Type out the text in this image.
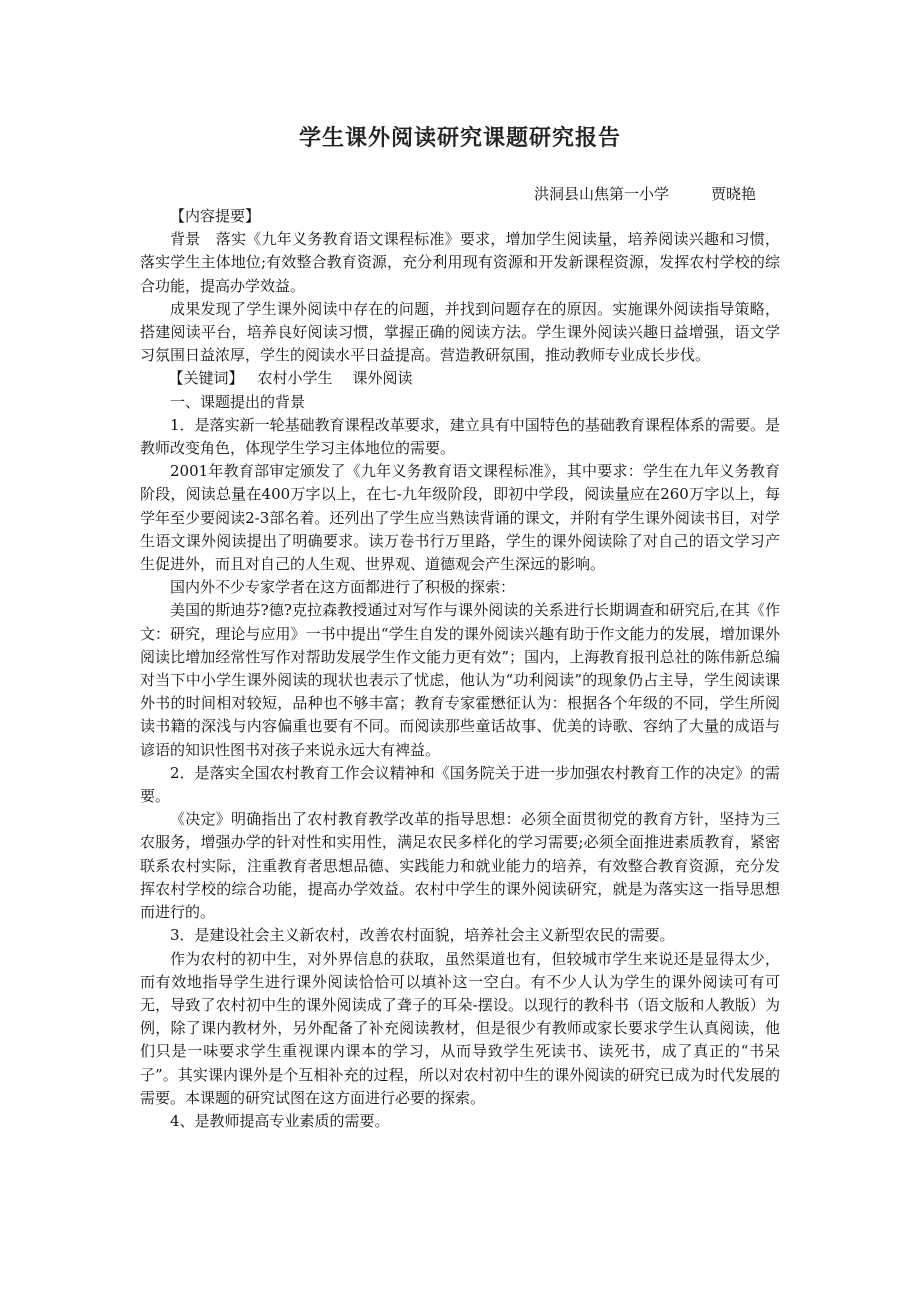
学生课外阅读研究课题研究报告
洪洞县山焦第一小学	贾晓艳

【内容提要】

背景　落实《九年义务教育语文课程标准》要求，增加学生阅读量，培养阅读兴趣和习惯，落实学生主体地位;有效整合教育资源，充分利用现有资源和开发新课程资源，发挥农村学校的综合功能，提高办学效益。

成果发现了学生课外阅读中存在的问题，并找到问题存在的原因。实施课外阅读指导策略，搭建阅读平台，培养良好阅读习惯，掌握正确的阅读方法。学生课外阅读兴趣日益增强，语文学习氛围日益浓厚，学生的阅读水平日益提高。营造教研氛围，推动教师专业成长步伐。

【关键词】 农村小学生 课外阅读

一、课题提出的背景

1．是落实新一轮基础教育课程改革要求，建立具有中国特色的基础教育课程体系的需要。是教师改变角色，体现学生学习主体地位的需要。

2001年教育部审定颁发了《九年义务教育语文课程标准》，其中要求：学生在九年义务教育阶段，阅读总量在400万字以上，在七-九年级阶段，即初中学段，阅读量应在260万字以上，每学年至少要阅读2-3部名着。还列出了学生应当熟读背诵的课文，并附有学生课外阅读书目，对学生语文课外阅读提出了明确要求。读万卷书行万里路，学生的课外阅读除了对自己的语文学习产生促进外，而且对自己的人生观、世界观、道德观会产生深远的影响。

国内外不少专家学者在这方面都进行了积极的探索：

美国的斯迪芬?德?克拉森教授通过对写作与课外阅读的关系进行长期调查和研究后,在其《作文：研究，理论与应用》一书中提出“学生自发的课外阅读兴趣有助于作文能力的发展，增加课外阅读比增加经常性写作对帮助发展学生作文能力更有效”；国内，上海教育报刊总社的陈伟新总编对当下中小学生课外阅读的现状也表示了忧虑，他认为“功利阅读”的现象仍占主导，学生阅读课外书的时间相对较短，品种也不够丰富；教育专家霍懋征认为：根据各个年级的不同，学生所阅读书籍的深浅与内容偏重也要有不同。而阅读那些童话故事、优美的诗歌、容纳了大量的成语与谚语的知识性图书对孩子来说永远大有裨益。

2．是落实全国农村教育工作会议精神和《国务院关于进一步加强农村教育工作的决定》的需要。

《决定》明确指出了农村教育教学改革的指导思想：必须全面贯彻党的教育方针，坚持为三农服务，增强办学的针对性和实用性，满足农民多样化的学习需要;必须全面推进素质教育，紧密联系农村实际，注重教育者思想品德、实践能力和就业能力的培养，有效整合教育资源，充分发挥农村学校的综合功能，提高办学效益。农村中学生的课外阅读研究，就是为落实这一指导思想而进行的。

3．是建设社会主义新农村，改善农村面貌，培养社会主义新型农民的需要。

作为农村的初中生，对外界信息的获取，虽然渠道也有，但较城市学生来说还是显得太少，而有效地指导学生进行课外阅读恰恰可以填补这一空白。有不少人认为学生的课外阅读可有可无，导致了农村初中生的课外阅读成了聋子的耳朵-摆设。以现行的教科书（语文版和人教版）为例，除了课内教材外，另外配备了补充阅读教材，但是很少有教师或家长要求学生认真阅读，他们只是一味要求学生重视课内课本的学习，从而导致学生死读书、读死书，成了真正的“书呆子”。其实课内课外是个互相补充的过程，所以对农村初中生的课外阅读的研究已成为时代发展的需要。本课题的研究试图在这方面进行必要的探索。

4、是教师提高专业素质的需要。
